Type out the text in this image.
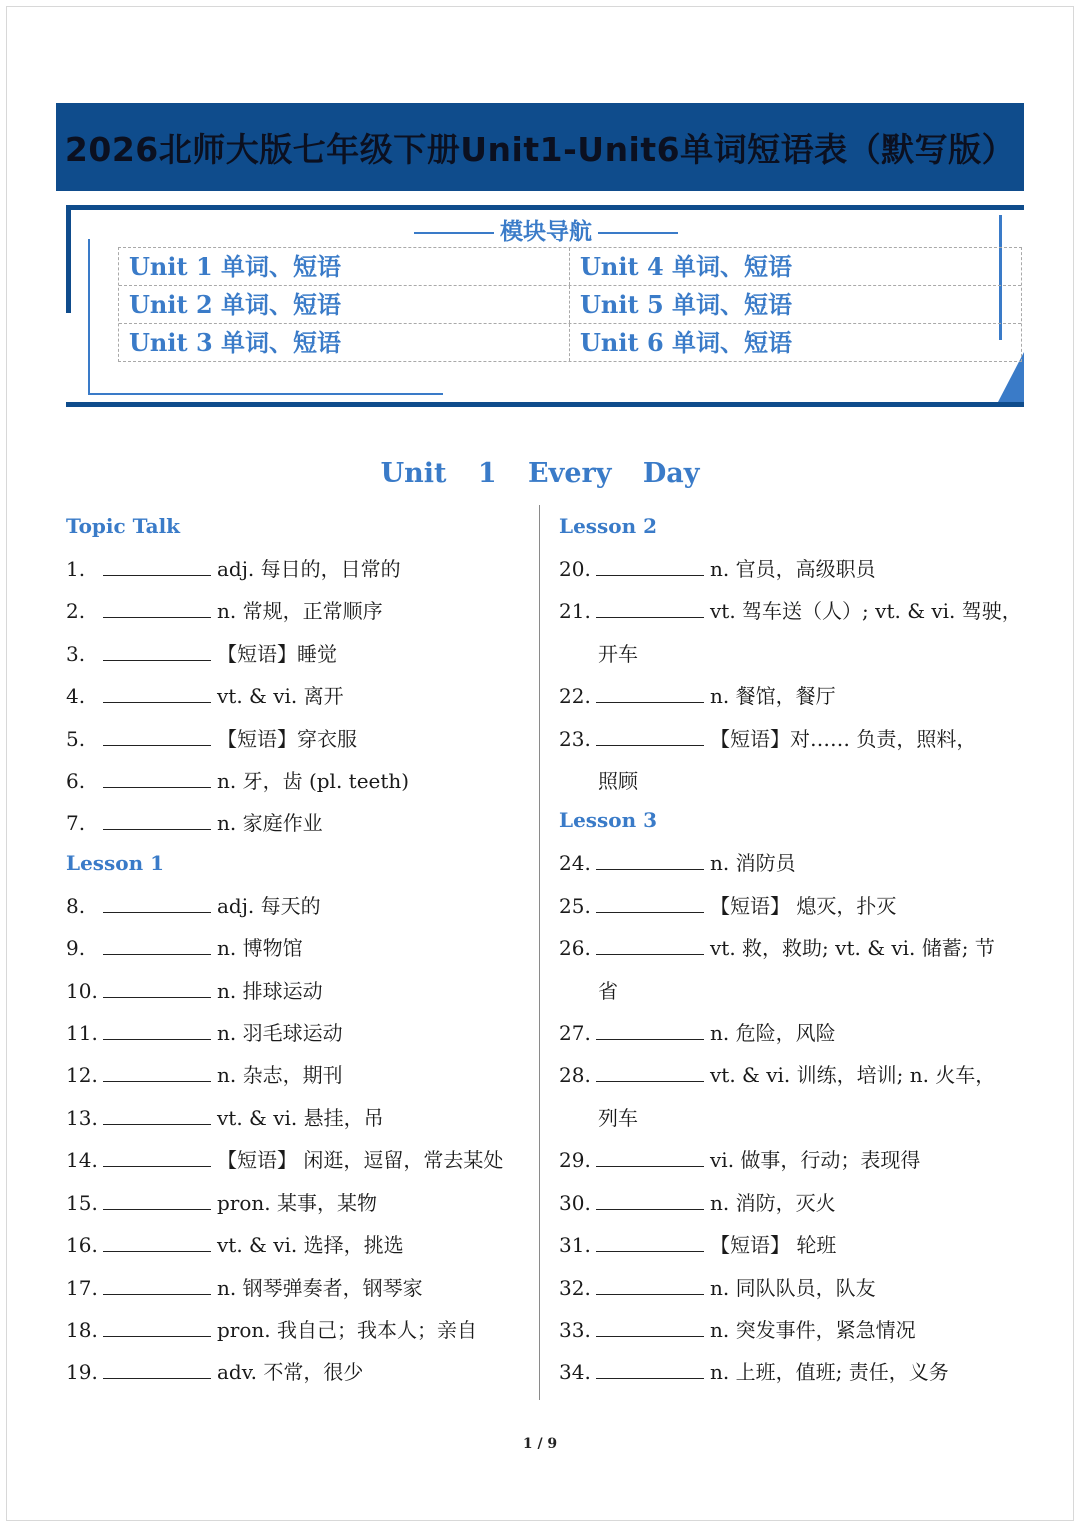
2026北师大版七年级下册Unit1-Unit6单词短语表（默写版）
模块导航
Unit 1 单词、短语	Unit 4 单词、短语
Unit 2 单词、短语	Unit 5 单词、短语
Unit 3 单词、短语	Unit 6 单词、短语
Unit 1 Every Day
Topic Talk
1.	adj. 每日的，日常的
2.	n. 常规，正常顺序
3.	【短语】睡觉
4.	vt. & vi. 离开
5.	【短语】穿衣服
6.	n. 牙，齿 (pl. teeth)
7.	n. 家庭作业
Lesson 1
8.	adj. 每天的
9.	n. 博物馆
10.	n. 排球运动
11.	n. 羽毛球运动
12.	n. 杂志，期刊
13.	vt. & vi. 悬挂，吊
14.	【短语】 闲逛，逗留，常去某处
15.	pron. 某事，某物
16.	vt. & vi. 选择，挑选
17.	n. 钢琴弹奏者，钢琴家
18.	pron. 我自己；我本人；亲自
19.	adv. 不常，很少
Lesson 2
20.	n. 官员，高级职员
21.	vt. 驾车送（人）; vt. & vi. 驾驶，
开车
22.	n. 餐馆，餐厅
23.	【短语】对…… 负责，照料，
照顾
Lesson 3
24.	n. 消防员
25.	【短语】 熄灭，扑灭
26.	vt. 救，救助; vt. & vi. 储蓄; 节
省
27.	n. 危险，风险
28.	vt. & vi. 训练，培训; n. 火车，
列车
29.	vi. 做事，行动；表现得
30.	n. 消防，灭火
31.	【短语】 轮班
32.	n. 同队队员，队友
33.	n. 突发事件，紧急情况
34.	n. 上班，值班; 责任，义务
1 / 9
